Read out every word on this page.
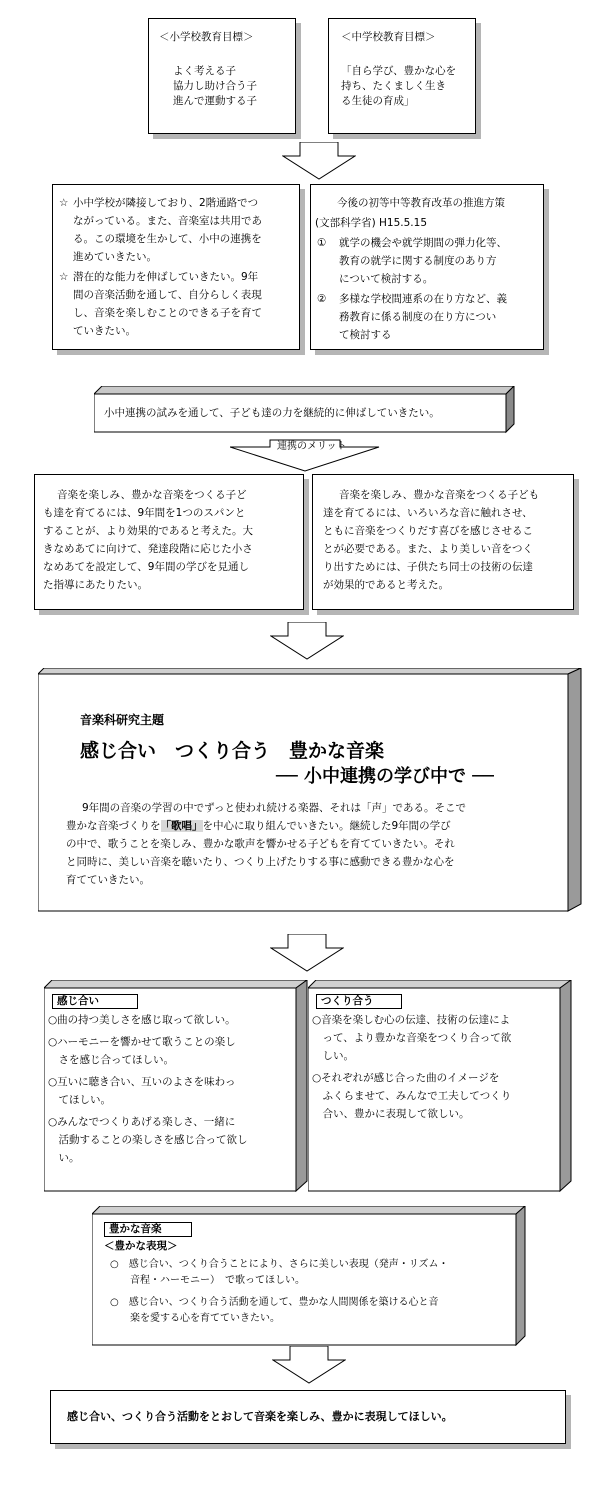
＜小学校教育目標＞
よく考える子
協力し助け合う子
進んで運動する子
＜中学校教育目標＞
「自ら学び、豊かな心を
持ち、たくましく生き
る生徒の育成」
☆ 小中学校が隣接しており、2階通路でつ
ながっている。また、音楽室は共用であ
る。この環境を生かして、小中の連携を
進めていきたい。
☆ 潜在的な能力を伸ばしていきたい。9年
間の音楽活動を通して、自分らしく表現
し、音楽を楽しむことのできる子を育て
ていきたい。
今後の初等中等教育改革の推進方策
(文部科学省) H15.5.15
① 就学の機会や就学期間の弾力化等、
教育の就学に関する制度のあり方
について検討する。
② 多様な学校間連系の在り方など、義
務教育に係る制度の在り方につい
て検討する
小中連携の試みを通して、子ども達の力を継続的に伸ばしていきたい。
連携のメリット
音楽を楽しみ、豊かな音楽をつくる子ど
も達を育てるには、9年間を1つのスパンと
することが、より効果的であると考えた。大
きなめあてに向けて、発達段階に応じた小さ
なめあてを設定して、9年間の学びを見通し
た指導にあたりたい。
音楽を楽しみ、豊かな音楽をつくる子ども
達を育てるには、いろいろな音に触れさせ、
ともに音楽をつくりだす喜びを感じさせるこ
とが必要である。また、より美しい音をつく
り出すためには、子供たち同士の技術の伝達
が効果的であると考えた。
音楽科研究主題
感じ合い　つくり合う　豊かな音楽
── 小中連携の学び中で ──
9年間の音楽の学習の中でずっと使われ続ける楽器、それは「声」である。そこで
豊かな音楽づくりを「歌唱」を中心に取り組んでいきたい。継続した9年間の学び
の中で、歌うことを楽しみ、豊かな歌声を響かせる子どもを育てていきたい。それ
と同時に、美しい音楽を聴いたり、つくり上げたりする事に感動できる豊かな心を
育てていきたい。
感じ合い
○曲の持つ美しさを感じ取って欲しい。
○ハーモニーを響かせて歌うことの楽し
　さを感じ合ってほしい。
○互いに聴き合い、互いのよさを味わっ
　てほしい。
○みんなでつくりあげる楽しさ、一緒に
　活動することの楽しさを感じ合って欲し
　い。
つくり合う
○音楽を楽しむ心の伝達、技術の伝達によ
　って、より豊かな音楽をつくり合って欲
　しい。
○それぞれが感じ合った曲のイメージを
　ふくらませて、みんなで工夫してつくり
　合い、豊かに表現して欲しい。
豊かな音楽
＜豊かな表現＞
○　感じ合い、つくり合うことにより、さらに美しい表現（発声・リズム・
　　音程・ハーモニー）　で歌ってほしい。
○　感じ合い、つくり合う活動を通して、豊かな人間関係を築ける心と音
　　楽を愛する心を育てていきたい。
感じ合い、つくり合う活動をとおして音楽を楽しみ、豊かに表現してほしい。
